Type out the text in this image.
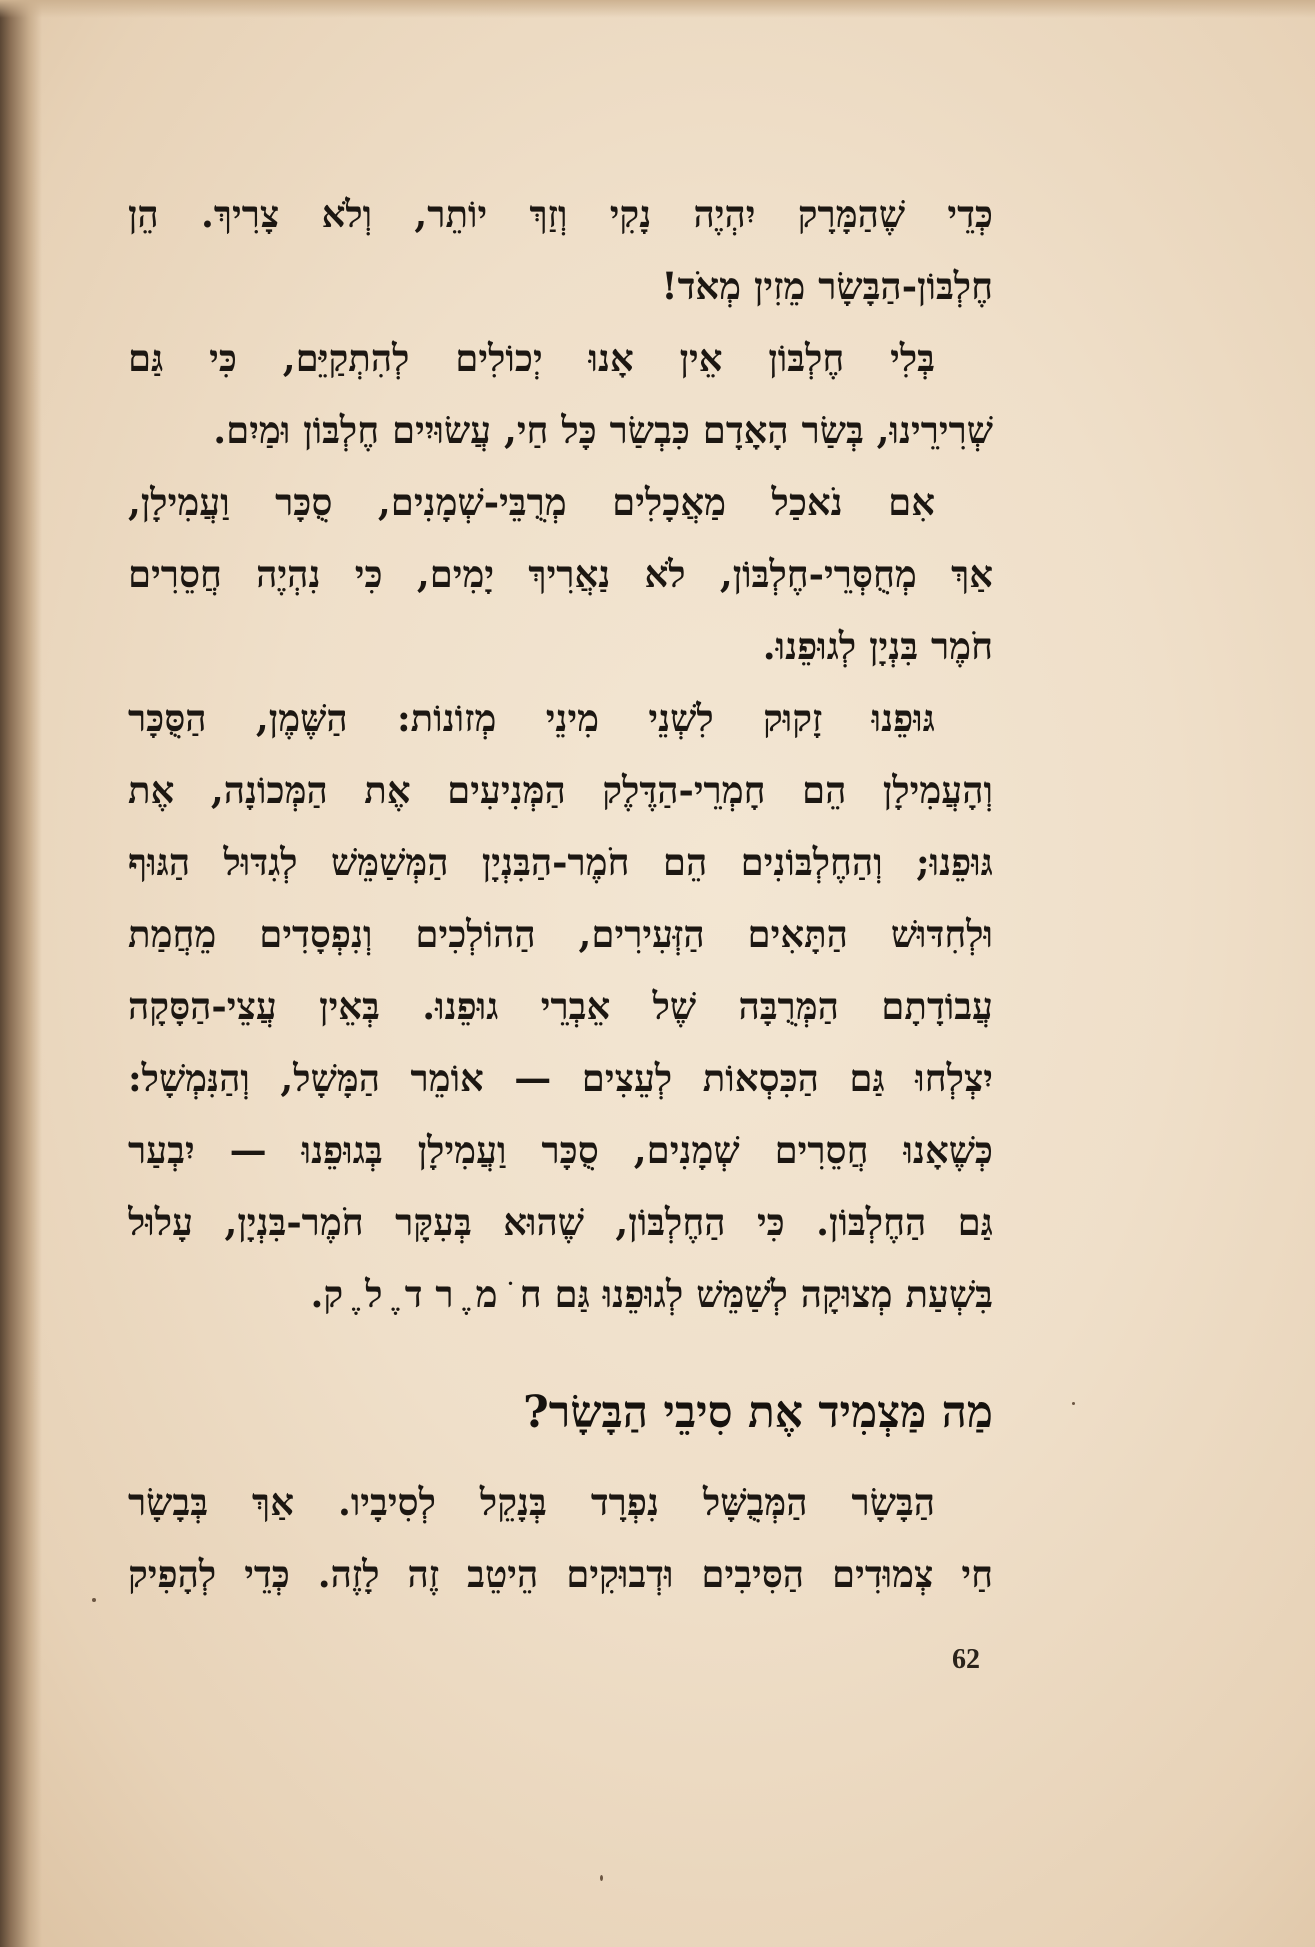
כְּדֵי שֶׁהַמָּרָק יִהְיֶה נָקִי וְזַךְ יוֹתֵר, וְלֹא צָרִיךְ. הֵן
חֶלְבּוֹן-הַבָּשָׂר מֵזִין מְאֹד!
בְּלִי חֶלְבּוֹן אֵין אָנוּ יְכוֹלִים לְהִתְקַיֵּם, כִּי גַּם
שְׁרִירֵינוּ, בְּשַׂר הָאָדָם כִּבְשַׂר כָּל חַי, עֲשׂוּיִים חֶלְבּוֹן וּמַיִם.
אִם נֹאכַל מַאֲכָלִים מְרֻבֵּי-שְׁמָנִים, סֻכָּר וַעֲמִילָן,
אַךְ מְחֻסְּרֵי-חֶלְבּוֹן, לֹא נַאֲרִיךְ יָמִים, כִּי נִהְיֶה חֲסֵרִים
חֹמֶר בִּנְיָן לְגוּפֵנוּ.
גּוּפֵנוּ זָקוּק לִשְׁנֵי מִינֵי מְזוֹנוֹת: הַשֶּׁמֶן, הַסֻּכָּר
וְהָעֲמִילָן הֵם חָמְרֵי-הַדֶּלֶק הַמְּנִיעִים אֶת הַמְּכוֹנָה, אֶת
גּוּפֵנוּ; וְהַחֶלְבּוֹנִים הֵם חֹמֶר-הַבִּנְיָן הַמְּשַׁמֵּשׁ לְגִדּוּל הַגּוּף
וּלְחִדּוּשׁ הַתָּאִים הַזְּעִירִים, הַהוֹלְכִים וְנִפְסָדִים מֵחֲמַת
עֲבוֹדָתָם הַמְּרֻבָּה שֶׁל אֵבְרֵי גוּפֵנוּ. בְּאֵין עֲצֵי-הַסָּקָה
יִצְלְחוּ גַּם הַכִּסְאוֹת לְעֵצִים — אוֹמֵר הַמָּשָׁל, וְהַנִּמְשָׁל:
כְּשֶׁאָנוּ חֲסֵרִים שְׁמָנִים, סֻכָּר וַעֲמִילָן בְּגוּפֵנוּ — יִבְעַר
גַּם הַחֶלְבּוֹן. כִּי הַחֶלְבּוֹן, שֶׁהוּא בְּעִקָּר חֹמֶר-בִּנְיָן, עָלוּל
בִּשְׁעַת מְצוּקָה לְשַׁמֵּשׁ לְגוּפֵנוּ גַּם ח ֹ מ ֶ ר ד ֶ ל ֶ ק.
מַה מַּצְמִיד אֶת סִיבֵי הַבָּשָׂר?
הַבָּשָׂר הַמְּבֻשָּׁל נִפְרָד בְּנָקֵל לְסִיבָיו. אַךְ בְּבָשָׂר
חַי צְמוּדִים הַסִּיבִים וּדְבוּקִים הֵיטֵב זֶה לָזֶה. כְּדֵי לְהָפִיק
62
